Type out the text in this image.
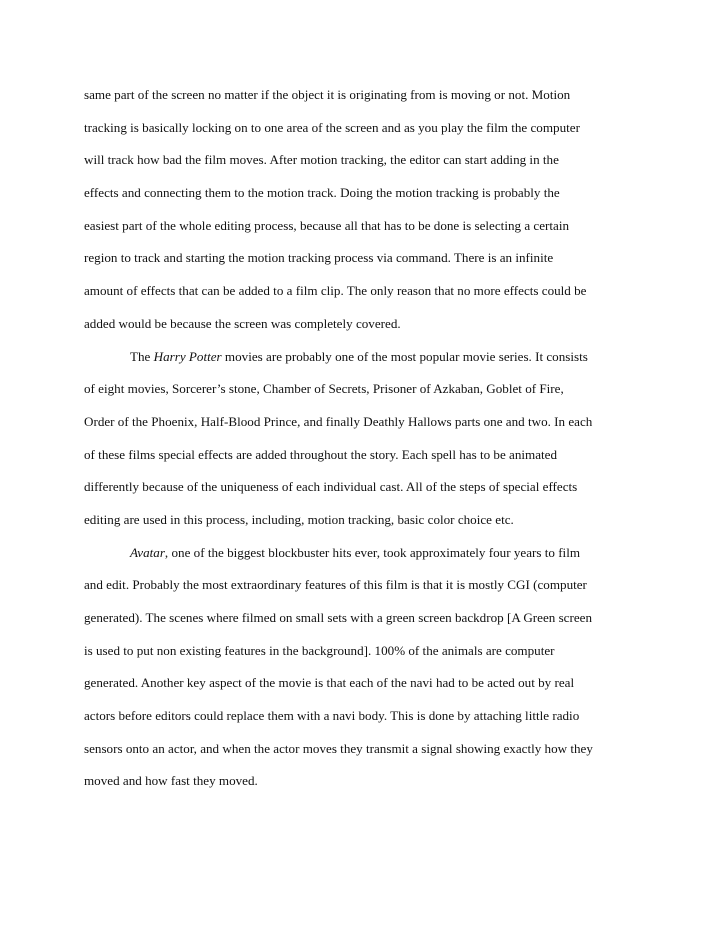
same part of the screen no matter if the object it is originating from is moving or not. Motion
tracking is basically locking on to one area of the screen and as you play the film the computer
will track how bad the film moves. After motion tracking, the editor can start adding in the
effects and connecting them to the motion track. Doing the motion tracking is probably the
easiest part of the whole editing process, because all that has to be done is selecting a certain
region to track and starting the motion tracking process via command. There is an infinite
amount of effects that can be added to a film clip. The only reason that no more effects could be
added would be because the screen was completely covered.
The Harry Potter movies are probably one of the most popular movie series. It consists
of eight movies, Sorcerer’s stone, Chamber of Secrets, Prisoner of Azkaban, Goblet of Fire,
Order of the Phoenix, Half-Blood Prince, and finally Deathly Hallows parts one and two. In each
of these films special effects are added throughout the story. Each spell has to be animated
differently because of the uniqueness of each individual cast. All of the steps of special effects
editing are used in this process, including, motion tracking, basic color choice etc.
Avatar, one of the biggest blockbuster hits ever, took approximately four years to film
and edit. Probably the most extraordinary features of this film is that it is mostly CGI (computer
generated). The scenes where filmed on small sets with a green screen backdrop [A Green screen
is used to put non existing features in the background]. 100% of the animals are computer
generated. Another key aspect of the movie is that each of the navi had to be acted out by real
actors before editors could replace them with a navi body. This is done by attaching little radio
sensors onto an actor, and when the actor moves they transmit a signal showing exactly how they
moved and how fast they moved.
